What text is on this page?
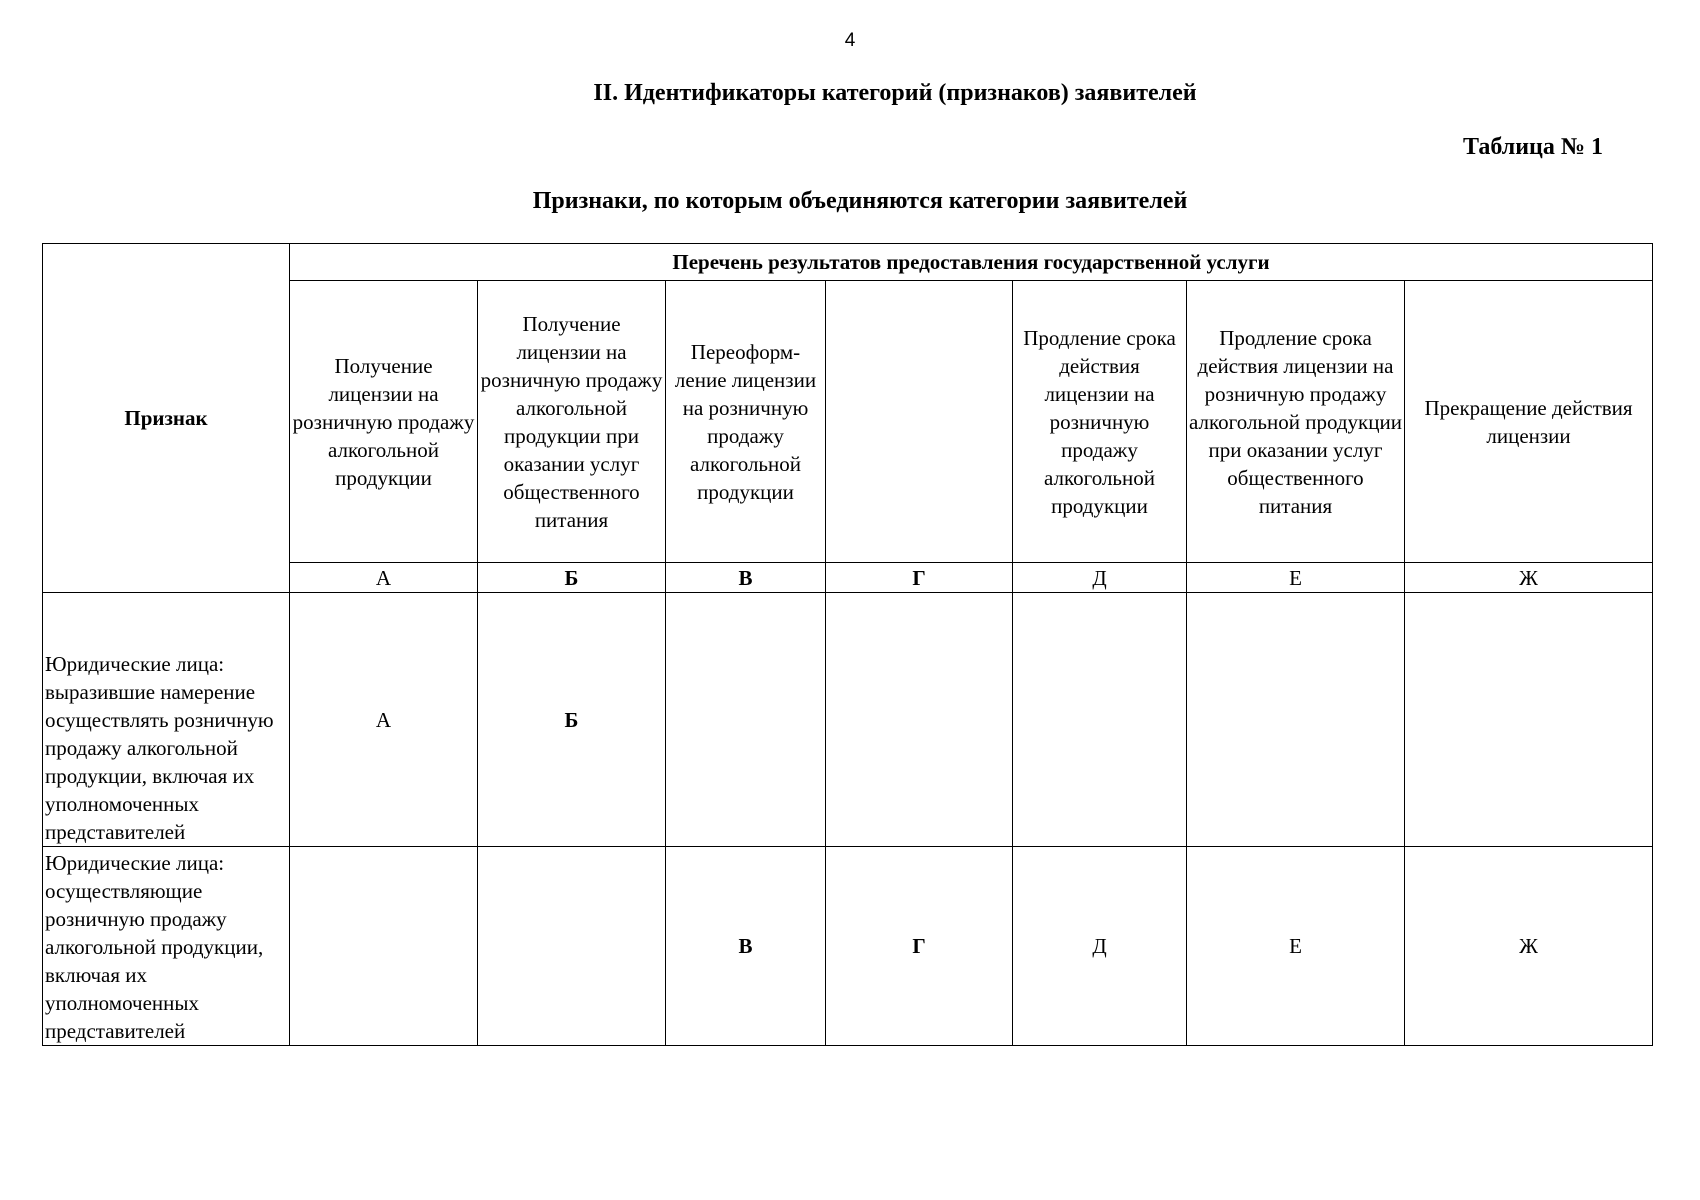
4
II. Идентификаторы категорий (признаков) заявителей
Таблица № 1
Признаки, по которым объединяются категории заявителей
Признак	Перечень результатов предоставления государственной услуги						
	Получение лицензии на розничную продажу алкогольной продукции	Получение лицензии на розничную продажу алкогольной продукции при оказании услуг общественного питания	Переоформ-ление лицензии на розничную продажу алкогольной продукции		Продление срока действия лицензии на розничную продажу алкогольной продукции	Продление срока действия лицензии на розничную продажу алкогольной продукции при оказании услуг общественного питания	Прекращение действия лицензии
	А	Б	В	Г	Д	Е	Ж
Юридические лица: выразившие намерение осуществлять розничную продажу алкогольной продукции, включая их уполномоченных представителей	А	Б					
Юридические лица: осуществляющие розничную продажу алкогольной продукции, включая их уполномоченных представителей			В	Г	Д	Е	Ж
